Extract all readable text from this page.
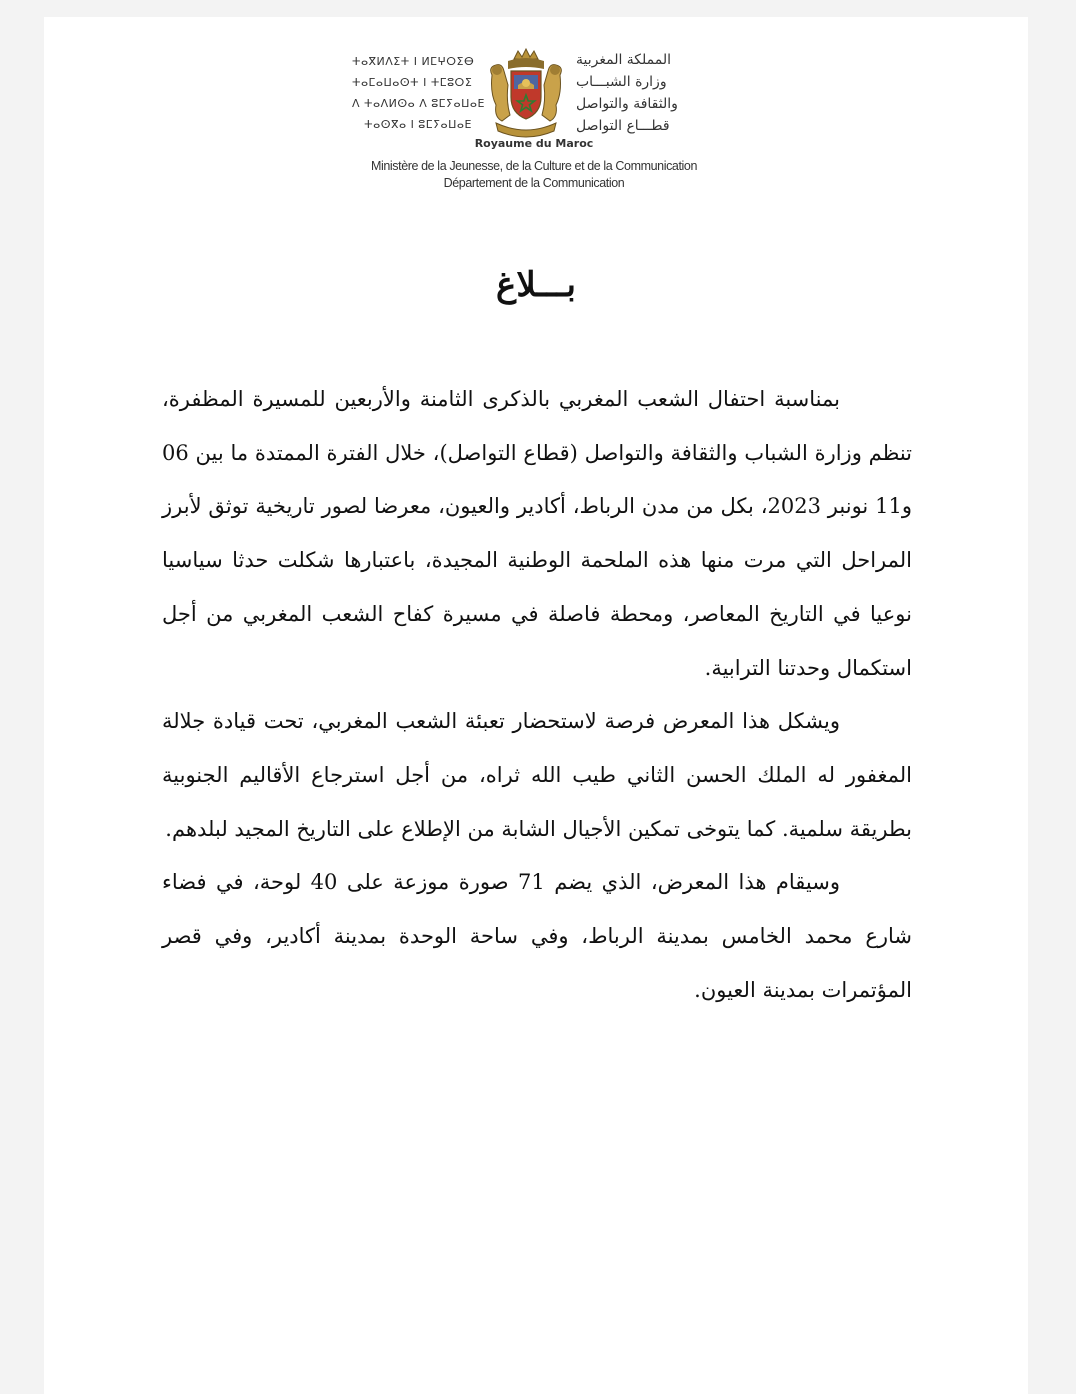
ⵜⴰⴳⵍⴷⵉⵜ ⵏ ⵍⵎⵖⵔⵉⴱ
ⵜⴰⵎⴰⵡⴰⵙⵜ ⵏ ⵜⵎⵓⵔⵉ
ⴷ ⵜⴰⴷⵍⵙⴰ ⴷ ⵓⵎⵢⴰⵡⴰⴹ
ⵜⴰⵙⴳⴰ ⵏ ⵓⵎⵢⴰⵡⴰⴹ
المملكة المغربية
وزارة الشبـــاب
والثقافة والتواصل
قطـــاع التواصل
Royaume du Maroc
Ministère de la Jeunesse, de la Culture et de la Communication
Département de la Communication
بـــلاغ

بمناسبة احتفال الشعب المغربي بالذكرى الثامنة والأربعين للمسيرة المظفرة، تنظم وزارة الشباب والثقافة والتواصل (قطاع التواصل)، خلال الفترة الممتدة ما بين 06 و11 نونبر 2023، بكل من مدن الرباط، أكادير والعيون، معرضا لصور تاريخية توثق لأبرز المراحل التي مرت منها هذه الملحمة الوطنية المجيدة، باعتبارها شكلت حدثا سياسيا نوعيا في التاريخ المعاصر، ومحطة فاصلة في مسيرة كفاح الشعب المغربي من أجل استكمال وحدتنا الترابية.

ويشكل هذا المعرض فرصة لاستحضار تعبئة الشعب المغربي، تحت قيادة جلالة المغفور له الملك الحسن الثاني طيب الله ثراه، من أجل استرجاع الأقاليم الجنوبية بطريقة سلمية. كما يتوخى تمكين الأجيال الشابة من الإطلاع على التاريخ المجيد لبلدهم.

وسيقام هذا المعرض، الذي يضم 71 صورة موزعة على 40 لوحة، في فضاء شارع محمد الخامس بمدينة الرباط، وفي ساحة الوحدة بمدينة أكادير، وفي قصر المؤتمرات بمدينة العيون.
